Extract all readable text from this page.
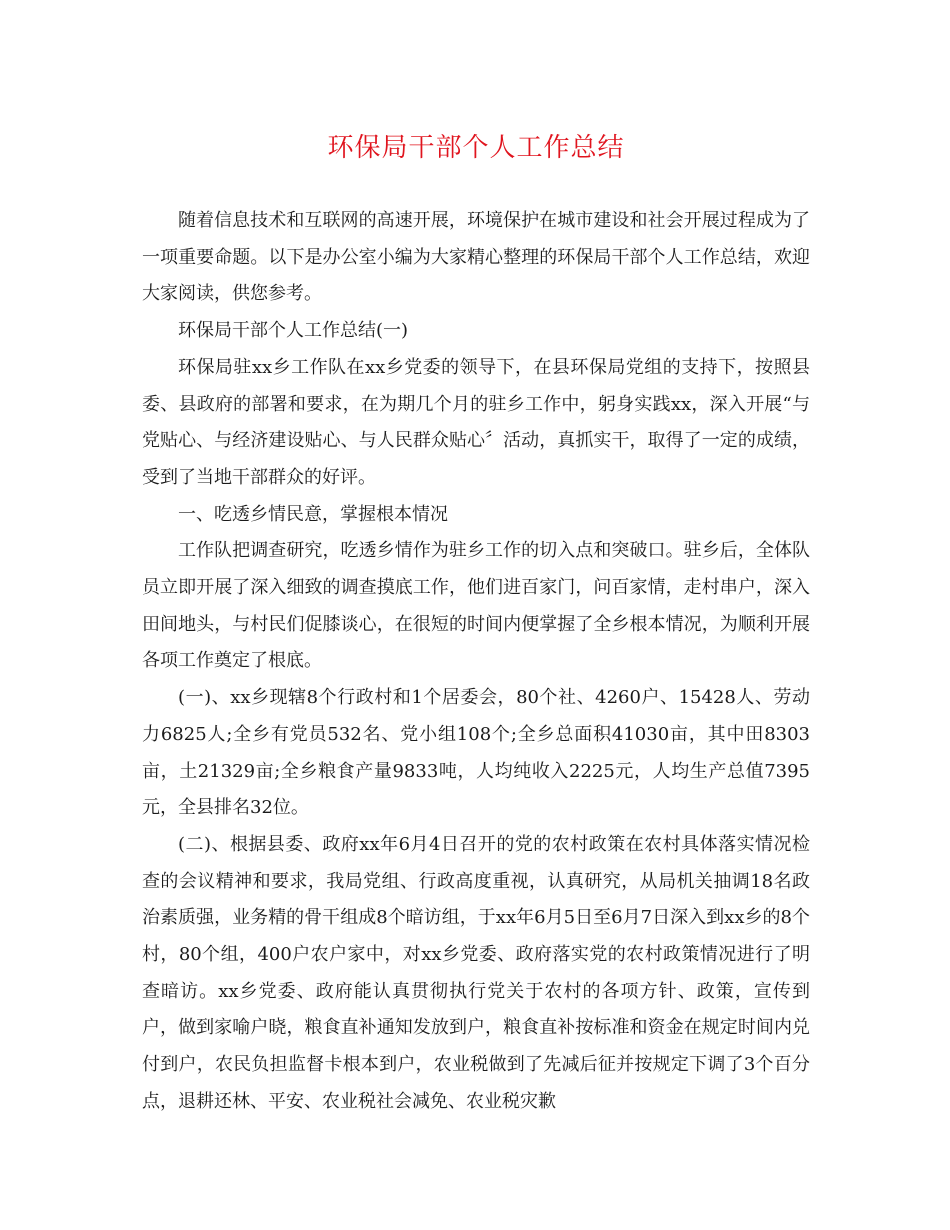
环保局干部个人工作总结

随着信息技术和互联网的高速开展，环境保护在城市建设和社会开展过程成为了一项重要命题。以下是办公室小编为大家精心整理的环保局干部个人工作总结，欢迎大家阅读，供您参考。

环保局干部个人工作总结(一)

环保局驻xx乡工作队在xx乡党委的领导下，在县环保局党组的支持下，按照县委、县政府的部署和要求，在为期几个月的驻乡工作中，躬身实践xx，深入开展“与党贴心、与经济建设贴心、与人民群众贴心〞活动，真抓实干，取得了一定的成绩，受到了当地干部群众的好评。

一、吃透乡情民意，掌握根本情况

工作队把调查研究，吃透乡情作为驻乡工作的切入点和突破口。驻乡后，全体队员立即开展了深入细致的调查摸底工作，他们进百家门，问百家情，走村串户，深入田间地头，与村民们促膝谈心，在很短的时间内便掌握了全乡根本情况，为顺利开展各项工作奠定了根底。

(一)、xx乡现辖8个行政村和1个居委会，80个社、4260户、15428人、劳动力6825人;全乡有党员532名、党小组108个;全乡总面积41030亩，其中田8303亩，土21329亩;全乡粮食产量9833吨，人均纯收入2225元，人均生产总值7395元，全县排名32位。

(二)、根据县委、政府xx年6月4日召开的党的农村政策在农村具体落实情况检查的会议精神和要求，我局党组、行政高度重视，认真研究，从局机关抽调18名政治素质强，业务精的骨干组成8个暗访组，于xx年6月5日至6月7日深入到xx乡的8个村，80个组，400户农户家中，对xx乡党委、政府落实党的农村政策情况进行了明查暗访。xx乡党委、政府能认真贯彻执行党关于农村的各项方针、政策，宣传到户，做到家喻户晓，粮食直补通知发放到户，粮食直补按标准和资金在规定时间内兑付到户，农民负担监督卡根本到户，农业税做到了先减后征并按规定下调了3个百分点，退耕还林、平安、农业税社会减免、农业税灾歉
